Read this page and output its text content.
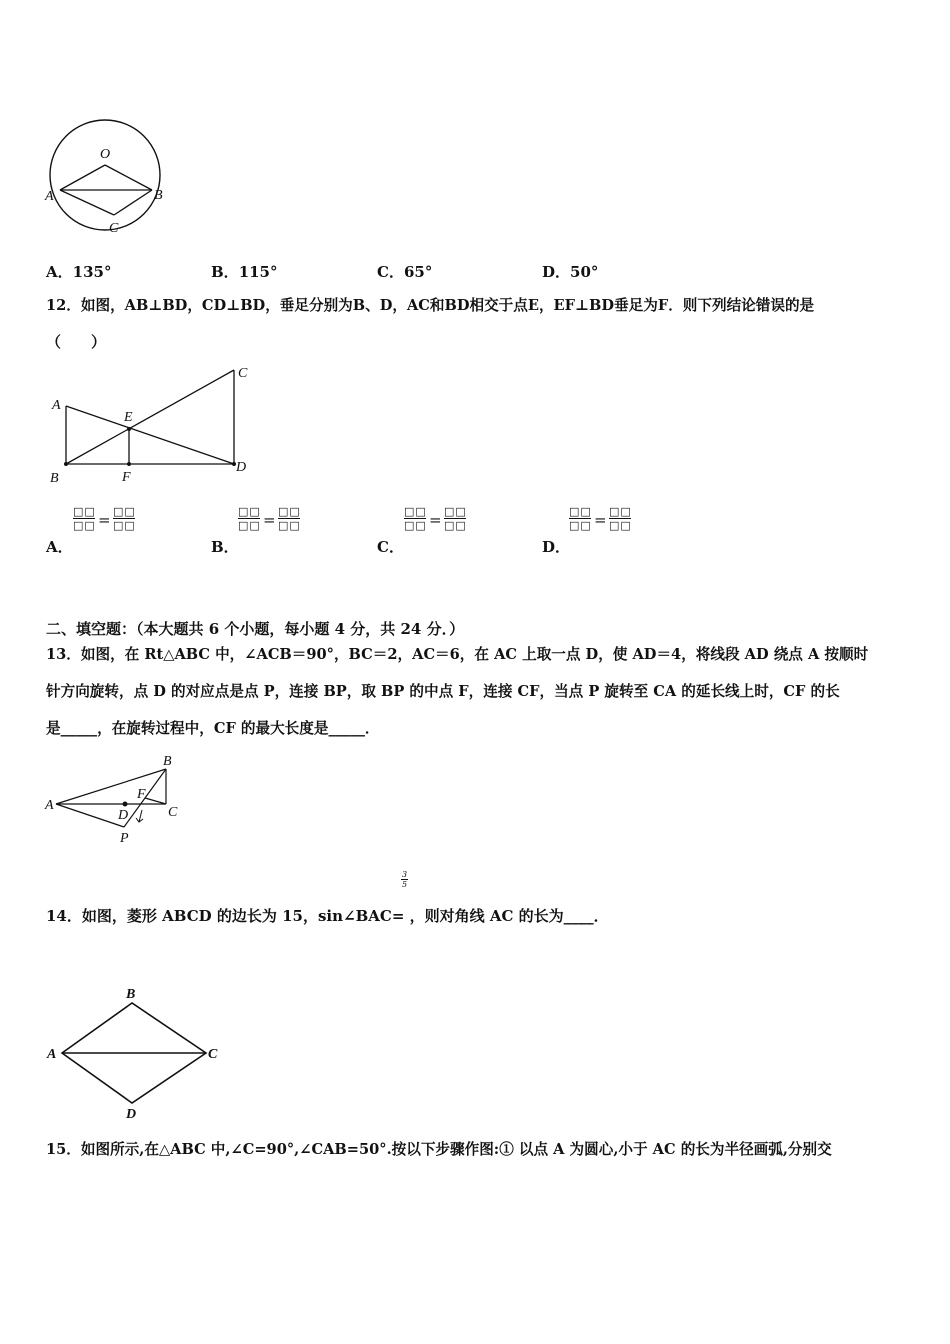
O
A	B
C
A．135°	B．115°	C．65°	D．50°
12．如图，AB⊥BD，CD⊥BD，垂足分别为B、D，AC和BD相交于点E，EF⊥BD垂足为F．则下列结论错误的是
（　　）
A
B
C
D
E
F
□□
□□ = □□
□□
A．
□□
□□ = □□
□□
B．
□□
□□ = □□
□□
C．
□□
□□ = □□
□□
D．
二、填空题：（本大题共 6 个小题，每小题 4 分，共 24 分．）
13．如图，在 Rt△ABC 中，∠ACB＝90°，BC＝2，AC＝6，在 AC 上取一点 D，使 AD＝4，将线段 AD 绕点 A 按顺时
针方向旋转，点 D 的对应点是点 P，连接 BP，取 BP 的中点 F，连接 CF，当点 P 旋转至 CA 的延长线上时，CF 的长
是_____，在旋转过程中，CF 的最大长度是_____．
A
B
C
D
F
P
3
5
14．如图，菱形 ABCD 的边长为 15，sin∠BAC= ，则对角线 AC 的长为____．
A
B
C
D
15．如图所示,在△ABC 中,∠C=90°,∠CAB=50°.按以下步骤作图:① 以点 A 为圆心,小于 AC 的长为半径画弧,分别交
